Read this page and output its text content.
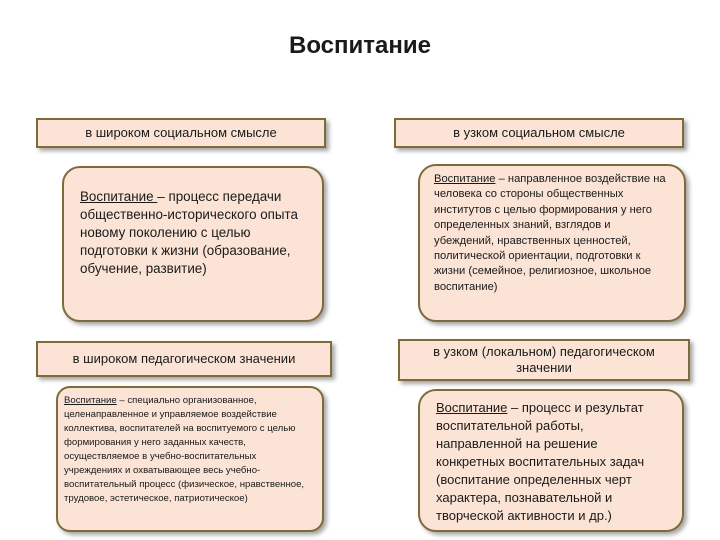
Воспитание
в широком социальном смысле	в узком социальном смысле
Воспитание – процесс передачи общественно-исторического опыта новому поколению с целью подготовки к жизни (образование, обучение, развитие)
Воспитание – направленное воздействие на человека со стороны общественных институтов с целью формирования у него определенных знаний, взглядов и убеждений, нравственных ценностей, политической ориентации, подготовки к жизни (семейное, религиозное, школьное воспитание)
в широком педагогическом значении	в узком (локальном) педагогическом значении
Воспитание – специально организованное, целенаправленное и управляемое воздействие коллектива, воспитателей на воспитуемого с целью формирования у него заданных качеств, осуществляемое в учебно-воспитательных учреждениях и охватывающее весь учебно-воспитательный процесс (физическое, нравственное, трудовое, эстетическое, патриотическое)
Воспитание – процесс и результат воспитательной работы, направленной на решение конкретных воспитательных задач (воспитание определенных черт характера, познавательной и творческой активности и др.)
